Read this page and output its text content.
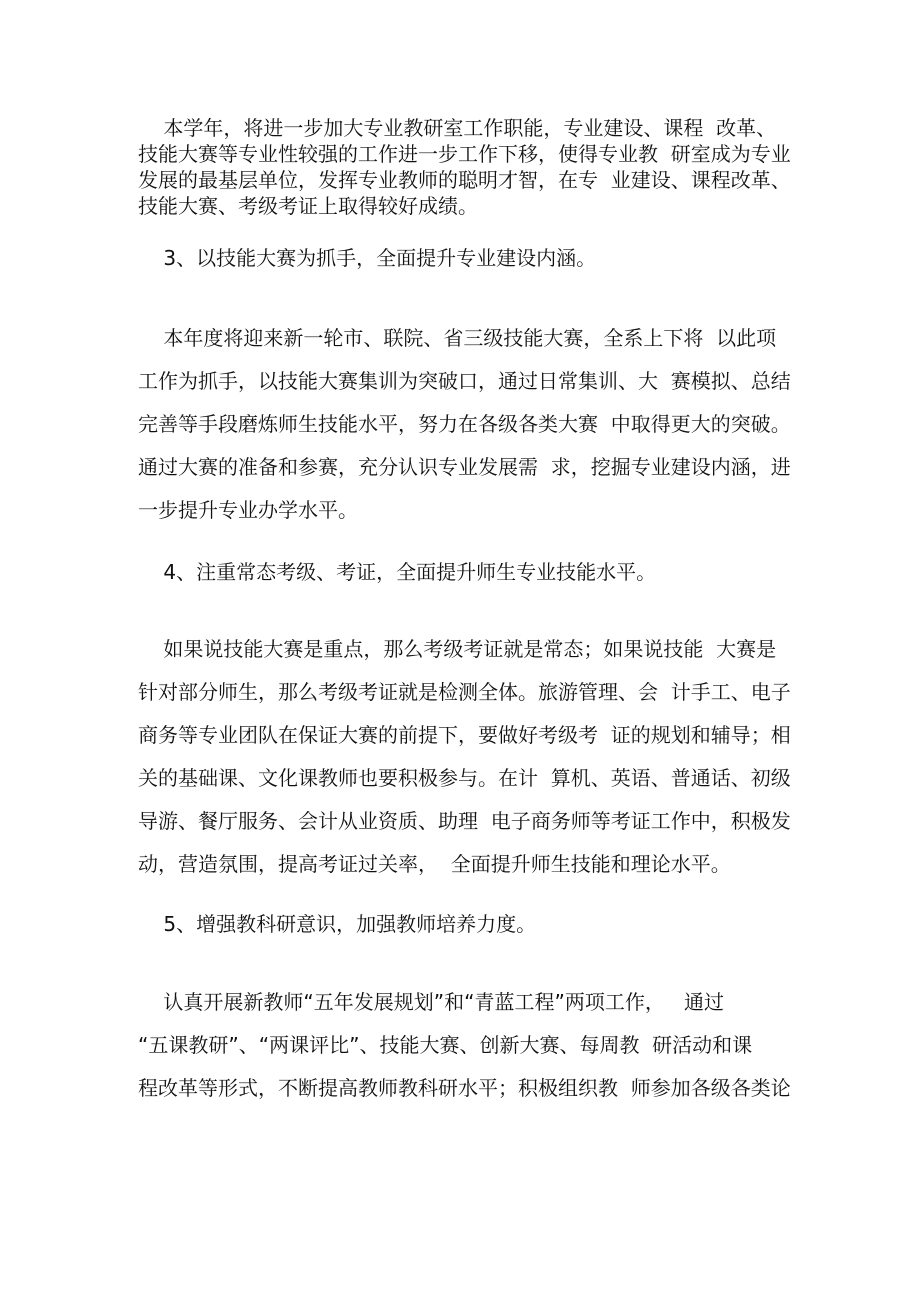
本学年，将进一步加大专业教研室工作职能，专业建设、课程  改革、
技能大赛等专业性较强的工作进一步工作下移，使得专业教  研室成为专业
发展的最基层单位，发挥专业教师的聪明才智，在专  业建设、课程改革、
技能大赛、考级考证上取得较好成绩。
3、以技能大赛为抓手，全面提升专业建设内涵。
本年度将迎来新一轮市、联院、省三级技能大赛，全系上下将  以此项
工作为抓手，以技能大赛集训为突破口，通过日常集训、大  赛模拟、总结
完善等手段磨炼师生技能水平，努力在各级各类大赛  中取得更大的突破。
通过大赛的准备和参赛，充分认识专业发展需  求，挖掘专业建设内涵，进
一步提升专业办学水平。
4、注重常态考级、考证，全面提升师生专业技能水平。
如果说技能大赛是重点，那么考级考证就是常态；如果说技能  大赛是
针对部分师生，那么考级考证就是检测全体。旅游管理、会  计手工、电子
商务等专业团队在保证大赛的前提下，要做好考级考  证的规划和辅导；相
关的基础课、文化课教师也要积极参与。在计  算机、英语、普通话、初级
导游、餐厅服务、会计从业资质、助理  电子商务师等考证工作中，积极发
动，营造氛围，提高考证过关率，  全面提升师生技能和理论水平。
5、增强教科研意识，加强教师培养力度。
认真开展新教师“五年发展规划”和“青蓝工程”两项工作，   通过
“五课教研”、“两课评比”、技能大赛、创新大赛、每周教  研活动和课
程改革等形式，不断提高教师教科研水平；积极组织教  师参加各级各类论
